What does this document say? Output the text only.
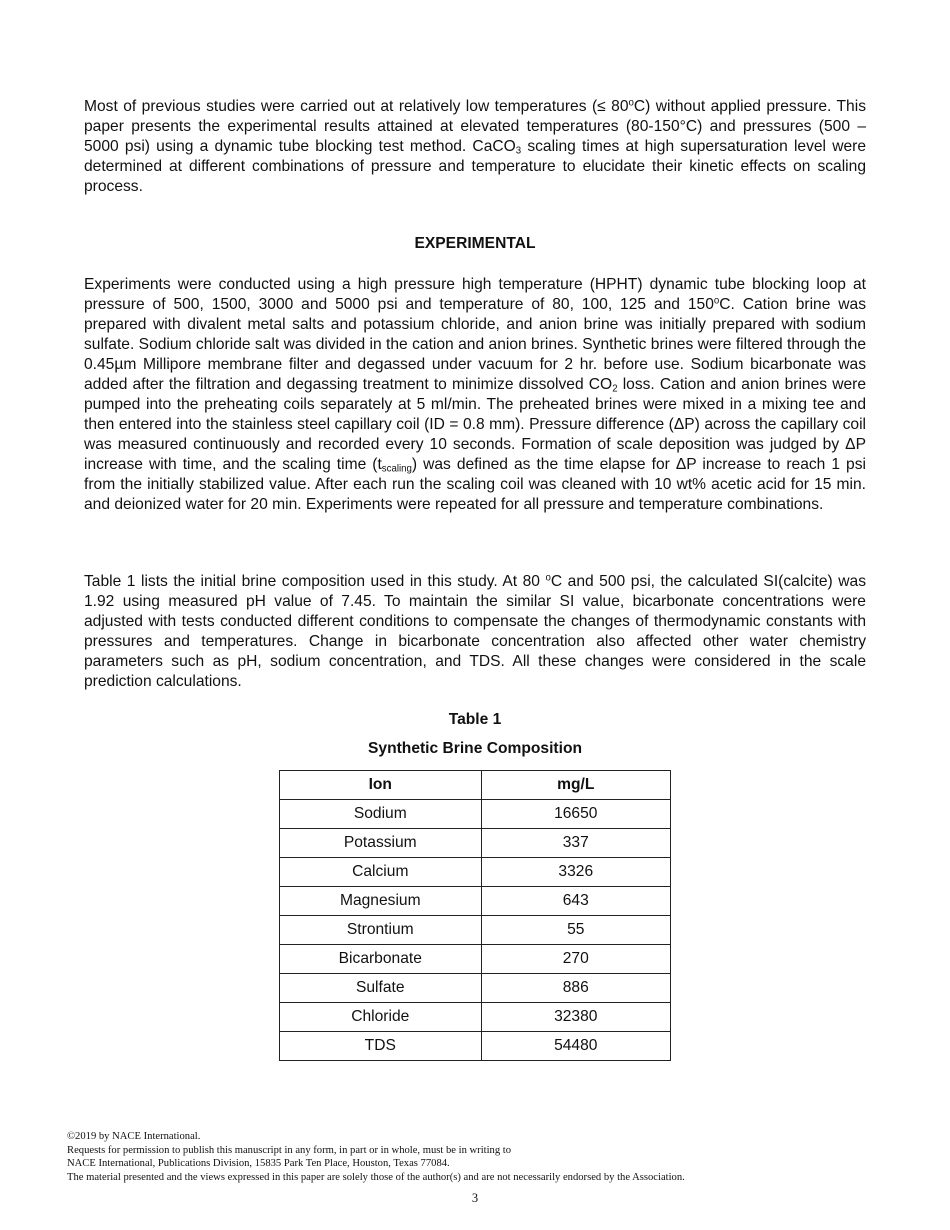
Most of previous studies were carried out at relatively low temperatures (≤ $80^oC$) without applied pressure. This paper presents the experimental results attained at elevated temperatures (80-150°C) and pressures (500 – 5000 psi) using a dynamic tube blocking test method. CaCO$_3$ scaling times at high supersaturation level were determined at different combinations of pressure and temperature to elucidate their kinetic effects on scaling process.

EXPERIMENTAL

Experiments were conducted using a high pressure high temperature (HPHT) dynamic tube blocking loop at pressure of 500, 1500, 3000 and 5000 psi and temperature of 80, 100, 125 and 150$^o$C. Cation brine was prepared with divalent metal salts and potassium chloride, and anion brine was initially prepared with sodium sulfate. Sodium chloride salt was divided in the cation and anion brines. Synthetic brines were filtered through the 0.45µm Millipore membrane filter and degassed under vacuum for 2 hr. before use. Sodium bicarbonate was added after the filtration and degassing treatment to minimize dissolved $CO_2$ loss. Cation and anion brines were pumped into the preheating coils separately at 5 ml/min. The preheated brines were mixed in a mixing tee and then entered into the stainless steel capillary coil (ID = 0.8 mm). Pressure difference (ΔP) across the capillary coil was measured continuously and recorded every 10 seconds. Formation of scale deposition was judged by ΔP increase with time, and the scaling time $(t_{scaling})$ was defined as the time elapse for ΔP increase to reach 1 psi from the initially stabilized value. After each run the scaling coil was cleaned with 10 wt% acetic acid for 15 min. and deionized water for 20 min. Experiments were repeated for all pressure and temperature combinations.

Table 1 lists the initial brine composition used in this study. At 80 $^o$C and 500 psi, the calculated SI(calcite) was 1.92 using measured pH value of 7.45. To maintain the similar SI value, bicarbonate concentrations were adjusted with tests conducted different conditions to compensate the changes of thermodynamic constants with pressures and temperatures. Change in bicarbonate concentration also affected other water chemistry parameters such as pH, sodium concentration, and TDS. All these changes were considered in the scale prediction calculations.

Table 1
Synthetic Brine Composition
Ion	mg/L
Sodium	16650
Potassium	337
Calcium	3326
Magnesium	643
Strontium	55
Bicarbonate	270
Sulfate	886
Chloride	32380
TDS	54480
©2019 by NACE International.
Requests for permission to publish this manuscript in any form, in part or in whole, must be in writing to
NACE International, Publications Division, 15835 Park Ten Place, Houston, Texas 77084.
The material presented and the views expressed in this paper are solely those of the author(s) and are not necessarily endorsed by the Association.
3
